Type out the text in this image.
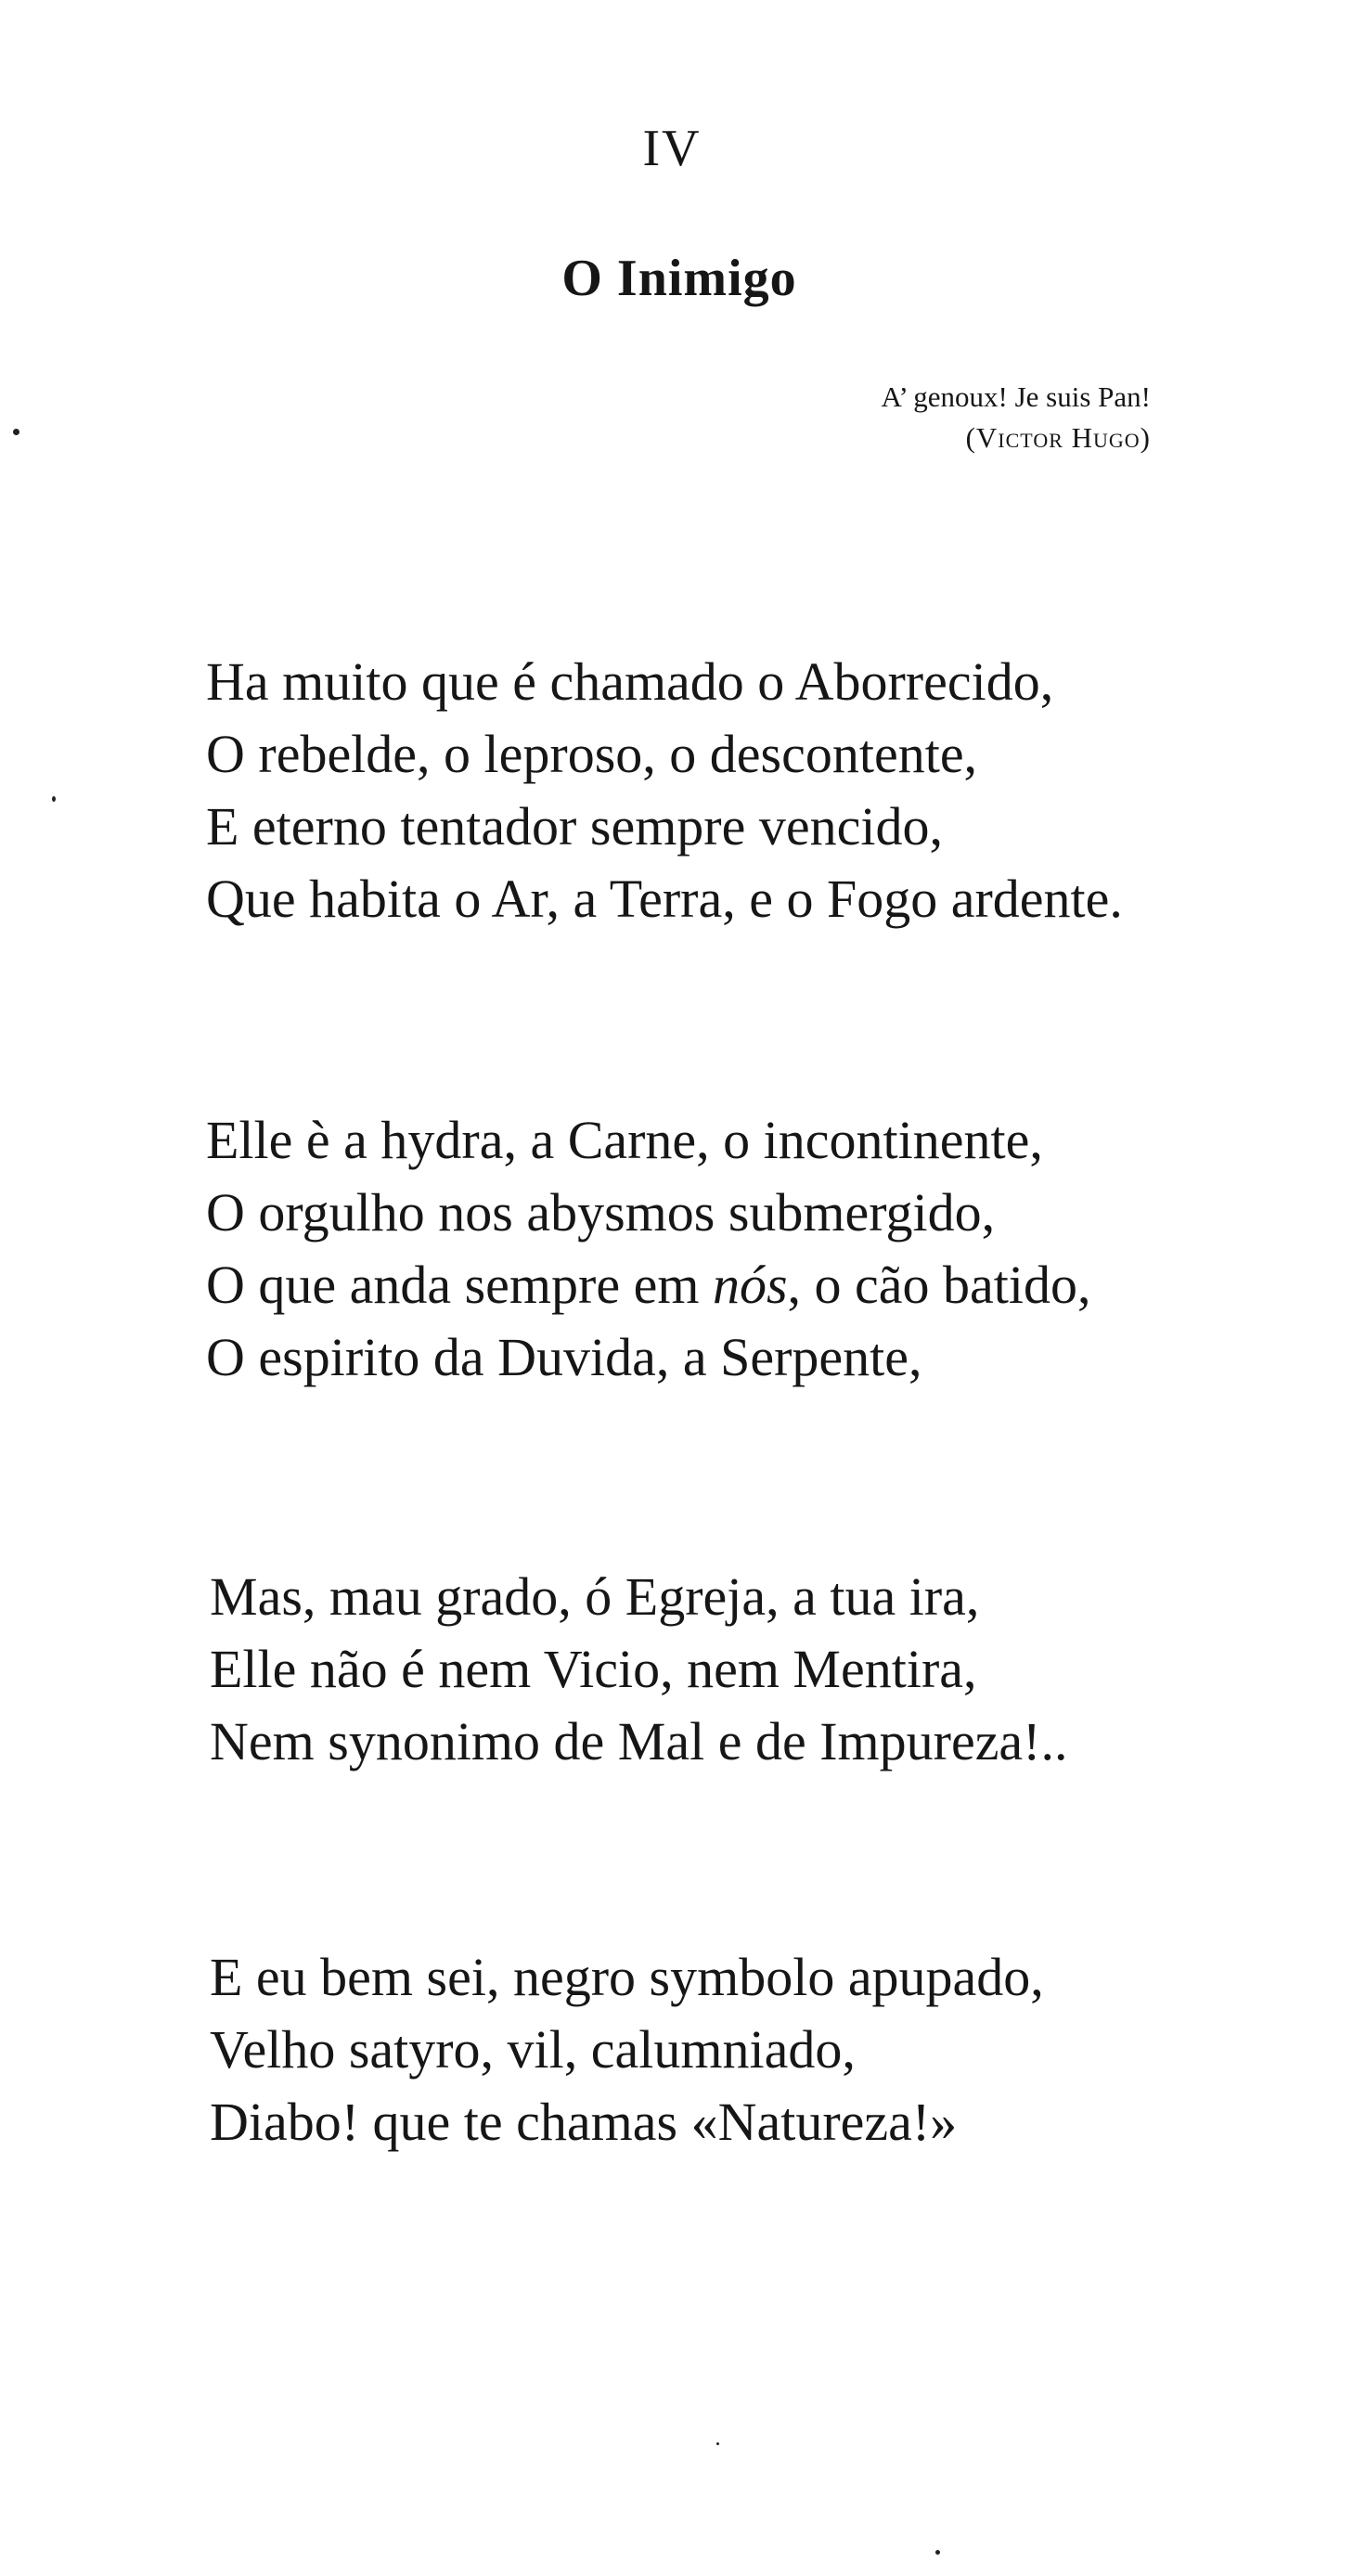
IV
O Inimigo
A’ genoux! Je suis Pan!
(Victor Hugo)
Ha muito que é chamado o Aborrecido,
O rebelde, o leproso, o descontente,
E eterno tentador sempre vencido,
Que habita o Ar, a Terra, e o Fogo ardente.
Elle è a hydra, a Carne, o incontinente,
O orgulho nos abysmos submergido,
O que anda sempre em nós, o cão batido,
O espirito da Duvida, a Serpente,
Mas, mau grado, ó Egreja, a tua ira,
Elle não é nem Vicio, nem Mentira,
Nem synonimo de Mal e de Impureza!..
E eu bem sei, negro symbolo apupado,
Velho satyro, vil, calumniado,
Diabo! que te chamas «Natureza!»
